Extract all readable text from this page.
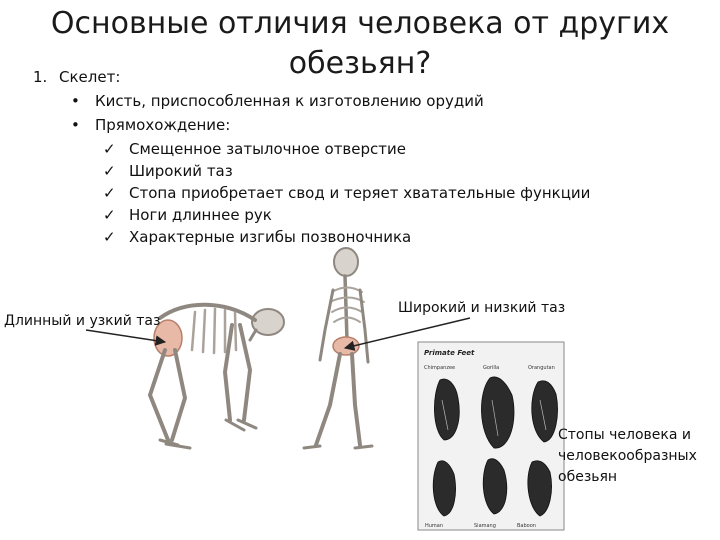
Основные отличия человека от других обезьян?
1. Скелет:
• Кисть, приспособленная к изготовлению орудий
• Прямохождение:
✓ Смещенное затылочное отверстие
✓ Широкий таз
✓ Стопа приобретает свод и теряет хватательные функции
✓ Ноги длиннее рук
✓ Характерные изгибы позвоночника
Primate Feet
Chimpanzee	Gorilla	Orangutan
Human	Siamang	Baboon
Длинный и узкий таз
Широкий и низкий таз
Стопы человека и
человекообразных
обезьян
